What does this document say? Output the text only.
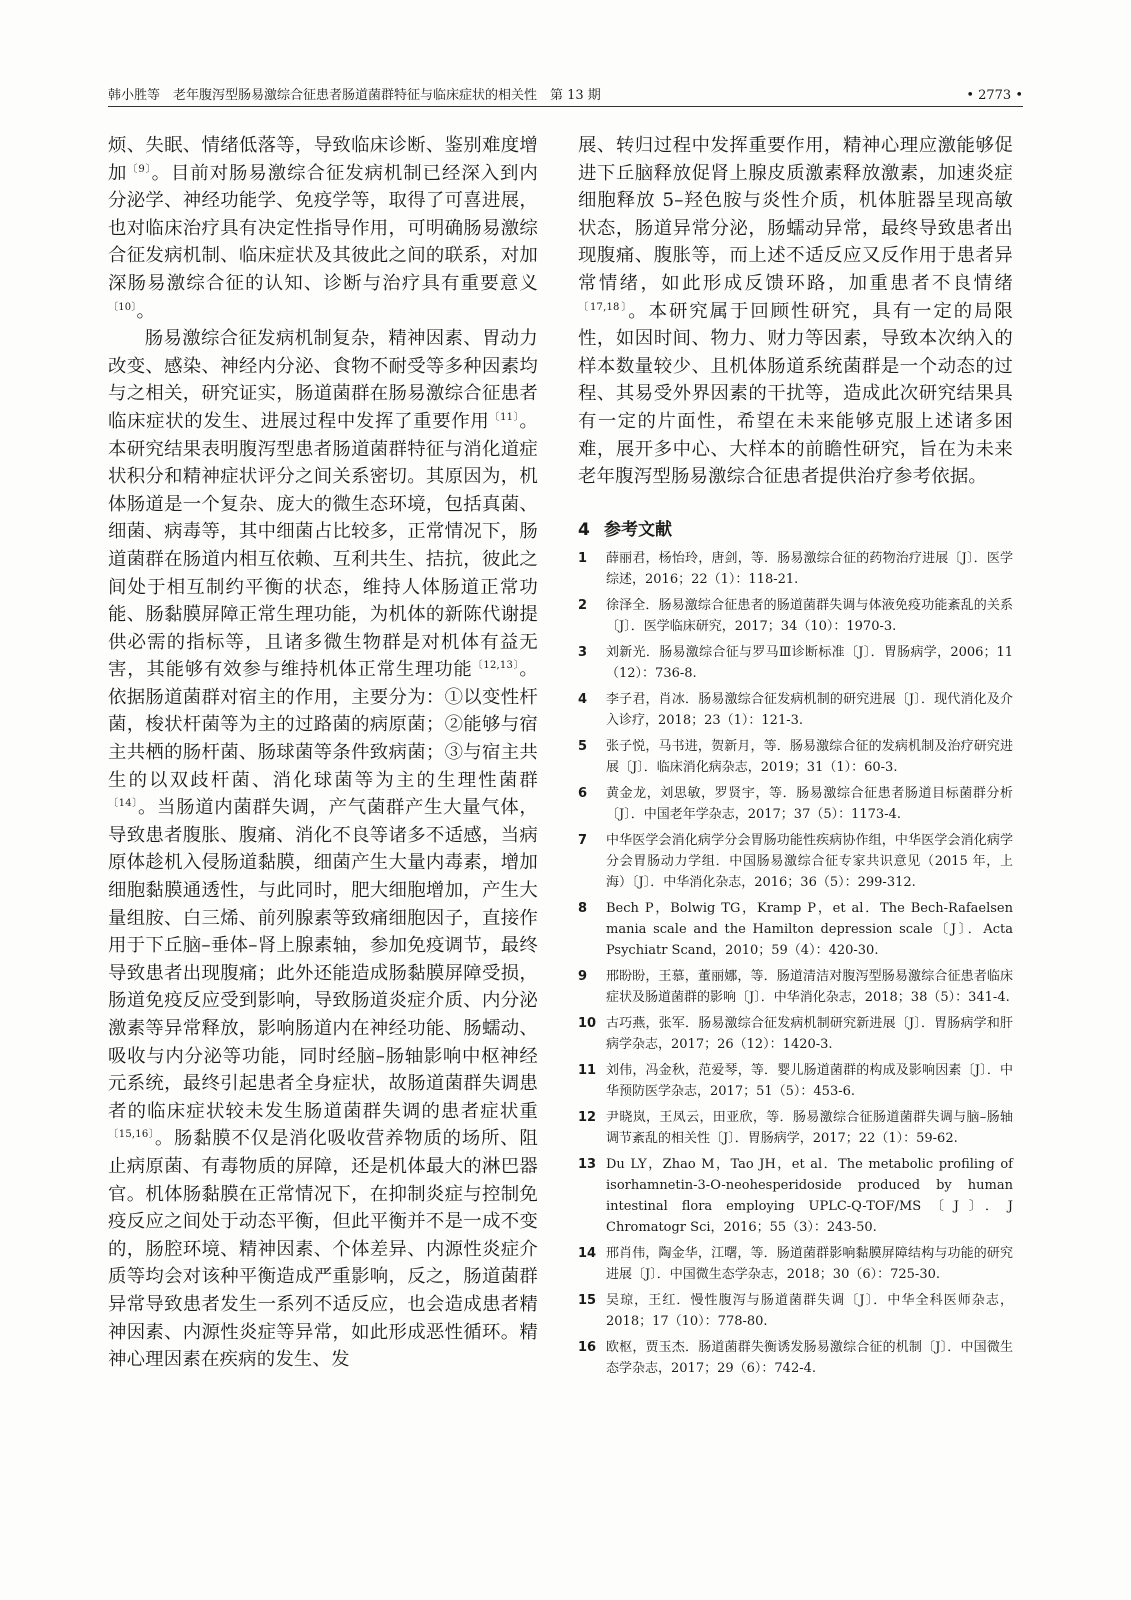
韩小胜等　老年腹泻型肠易激综合征患者肠道菌群特征与临床症状的相关性　第 13 期	• 2773 •

烦、失眠、情绪低落等，导致临床诊断、鉴别难度增加$^{〔9〕}$。目前对肠易激综合征发病机制已经深入到内分泌学、神经功能学、免疫学等，取得了可喜进展，也对临床治疗具有决定性指导作用，可明确肠易激综合征发病机制、临床症状及其彼此之间的联系，对加深肠易激综合征的认知、诊断与治疗具有重要意义$^{〔10〕}$。

肠易激综合征发病机制复杂，精神因素、胃动力改变、感染、神经内分泌、食物不耐受等多种因素均与之相关，研究证实，肠道菌群在肠易激综合征患者临床症状的发生、进展过程中发挥了重要作用$^{〔11〕}$。本研究结果表明腹泻型患者肠道菌群特征与消化道症状积分和精神症状评分之间关系密切。其原因为，机体肠道是一个复杂、庞大的微生态环境，包括真菌、细菌、病毒等，其中细菌占比较多，正常情况下，肠道菌群在肠道内相互依赖、互利共生、拮抗，彼此之间处于相互制约平衡的状态，维持人体肠道正常功能、肠黏膜屏障正常生理功能，为机体的新陈代谢提供必需的指标等，且诸多微生物群是对机体有益无害，其能够有效参与维持机体正常生理功能$^{〔12,13〕}$。依据肠道菌群对宿主的作用，主要分为：①以变性杆菌，梭状杆菌等为主的过路菌的病原菌；②能够与宿主共栖的肠杆菌、肠球菌等条件致病菌；③与宿主共生的以双歧杆菌、消化球菌等为主的生理性菌群$^{〔14〕}$。当肠道内菌群失调，产气菌群产生大量气体，导致患者腹胀、腹痛、消化不良等诸多不适感，当病原体趁机入侵肠道黏膜，细菌产生大量内毒素，增加细胞黏膜通透性，与此同时，肥大细胞增加，产生大量组胺、白三烯、前列腺素等致痛细胞因子，直接作用于下丘脑–垂体–肾上腺素轴，参加免疫调节，最终导致患者出现腹痛；此外还能造成肠黏膜屏障受损，肠道免疫反应受到影响，导致肠道炎症介质、内分泌激素等异常释放，影响肠道内在神经功能、肠蠕动、吸收与内分泌等功能，同时经脑–肠轴影响中枢神经元系统，最终引起患者全身症状，故肠道菌群失调患者的临床症状较未发生肠道菌群失调的患者症状重$^{〔15,16〕}$。肠黏膜不仅是消化吸收营养物质的场所、阻止病原菌、有毒物质的屏障，还是机体最大的淋巴器官。机体肠黏膜在正常情况下，在抑制炎症与控制免疫反应之间处于动态平衡，但此平衡并不是一成不变的，肠腔环境、精神因素、个体差异、内源性炎症介质等均会对该种平衡造成严重影响，反之，肠道菌群异常导致患者发生一系列不适反应，也会造成患者精神因素、内源性炎症等异常，如此形成恶性循环。精神心理因素在疾病的发生、发

展、转归过程中发挥重要作用，精神心理应激能够促进下丘脑释放促肾上腺皮质激素释放激素，加速炎症细胞释放 5–羟色胺与炎性介质，机体脏器呈现高敏状态，肠道异常分泌，肠蠕动异常，最终导致患者出现腹痛、腹胀等，而上述不适反应又反作用于患者异常情绪，如此形成反馈环路，加重患者不良情绪$^{〔17,18〕}$。本研究属于回顾性研究，具有一定的局限性，如因时间、物力、财力等因素，导致本次纳入的样本数量较少、且机体肠道系统菌群是一个动态的过程、其易受外界因素的干扰等，造成此次研究结果具有一定的片面性，希望在未来能够克服上述诸多困难，展开多中心、大样本的前瞻性研究，旨在为未来老年腹泻型肠易激综合征患者提供治疗参考依据。

4 参考文献
1	薛丽君，杨怡玲，唐剑，等．肠易激综合征的药物治疗进展〔J〕．医学综述，2016；22（1）：118-21.
2	徐泽全．肠易激综合征患者的肠道菌群失调与体液免疫功能紊乱的关系〔J〕．医学临床研究，2017；34（10）：1970-3.
3	刘新光．肠易激综合征与罗马Ⅲ诊断标准〔J〕．胃肠病学，2006；11（12）：736-8.
4	李子君，肖冰．肠易激综合征发病机制的研究进展〔J〕．现代消化及介入诊疗，2018；23（1）：121-3.
5	张子悦，马书进，贺新月，等．肠易激综合征的发病机制及治疗研究进展〔J〕．临床消化病杂志，2019；31（1）：60-3.
6	黄金龙，刘思敏，罗贤宇，等．肠易激综合征患者肠道目标菌群分析〔J〕．中国老年学杂志，2017；37（5）：1173-4.
7	中华医学会消化病学分会胃肠功能性疾病协作组，中华医学会消化病学分会胃肠动力学组．中国肠易激综合征专家共识意见（2015 年，上海）〔J〕．中华消化杂志，2016；36（5）：299-312.
8	Bech P，Bolwig TG，Kramp P，et al．The Bech-Rafaelsen mania scale and the Hamilton depression scale〔J〕．Acta Psychiatr Scand，2010；59（4）：420-30.
9	邢盼盼，王慕，董丽娜，等．肠道清洁对腹泻型肠易激综合征患者临床症状及肠道菌群的影响〔J〕．中华消化杂志，2018；38（5）：341-4.
10 古巧燕，张军．肠易激综合征发病机制研究新进展〔J〕．胃肠病学和肝病学杂志，2017；26（12）：1420-3.
11 刘伟，冯金秋，范爱琴，等．婴儿肠道菌群的构成及影响因素〔J〕．中华预防医学杂志，2017；51（5）：453-6.
12 尹晓岚，王凤云，田亚欣，等．肠易激综合征肠道菌群失调与脑–肠轴调节紊乱的相关性〔J〕．胃肠病学，2017；22（1）：59-62.
13 Du LY，Zhao M，Tao JH，et al．The metabolic profiling of isorhamnetin-3-O-neohesperidoside produced by human intestinal flora employing UPLC-Q-TOF/MS〔J〕．J Chromatogr Sci，2016；55（3）：243-50.
14 邢肖伟，陶金华，江曙，等．肠道菌群影响黏膜屏障结构与功能的研究进展〔J〕．中国微生态学杂志，2018；30（6）：725-30.
15 吴琼，王红．慢性腹泻与肠道菌群失调〔J〕．中华全科医师杂志，2018；17（10）：778-80.
16 欧枢，贾玉杰．肠道菌群失衡诱发肠易激综合征的机制〔J〕．中国微生态学杂志，2017；29（6）：742-4.
